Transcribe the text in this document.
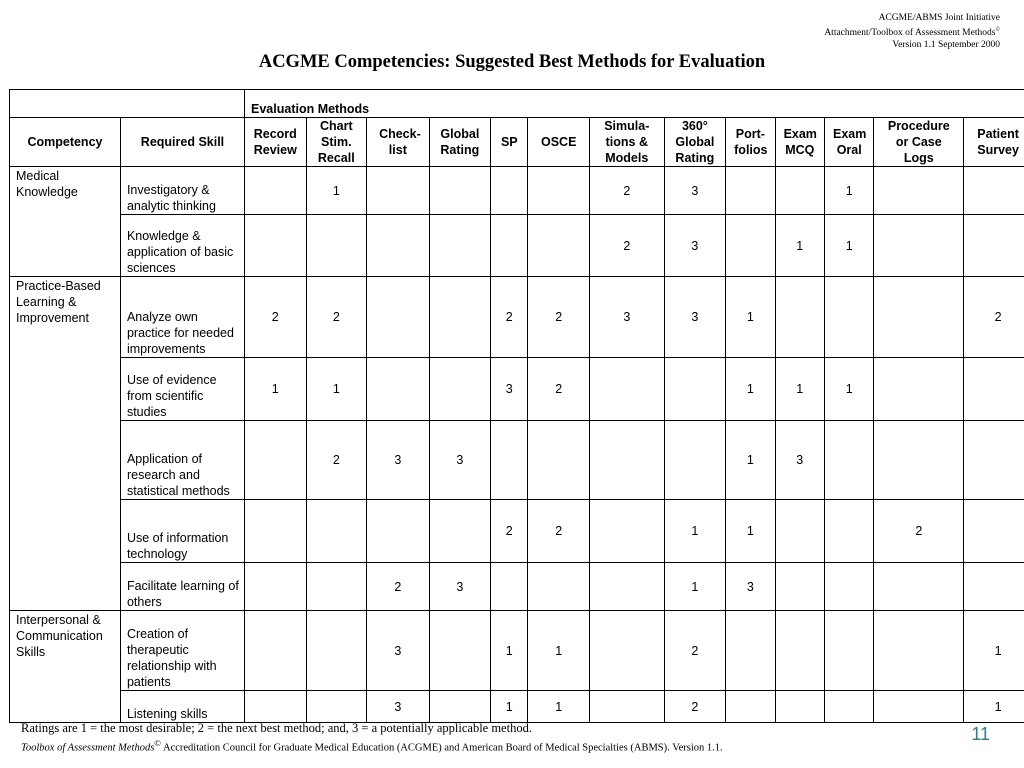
ACGME/ABMS Joint Initiative
Attachment/Toolbox of Assessment Methods©
Version 1.1 September 2000
ACGME Competencies: Suggested Best Methods for Evaluation
		Evaluation Methods												
Competency	Required Skill	Record Review	Chart Stim. Recall	Check-list	Global Rating	SP	OSCE	Simula-tions & Models	360° Global Rating	Port-folios	Exam MCQ	Exam Oral	Procedure or Case Logs	Patient Survey
Medical Knowledge	Investigatory & analytic thinking		1					2	3			1		
	Knowledge & application of basic sciences							2	3		1	1		
Practice-Based Learning & Improvement	Analyze own practice for needed improvements	2	2			2	2	3	3	1				2
	Use of evidence from scientific studies	1	1			3	2			1	1	1		
	Application of research and statistical methods		2	3	3					1	3			
	Use of information technology					2	2		1	1			2	
	Facilitate learning of others			2	3				1	3				
Interpersonal & Communication Skills	Creation of therapeutic relationship with patients			3		1	1		2					1
	Listening skills			3		1	1		2					1
Ratings are 1 = the most desirable; 2 = the next best method; and, 3 = a potentially applicable method.
Toolbox of Assessment Methods© Accreditation Council for Graduate Medical Education (ACGME) and American Board of Medical Specialties (ABMS). Version 1.1.
11
